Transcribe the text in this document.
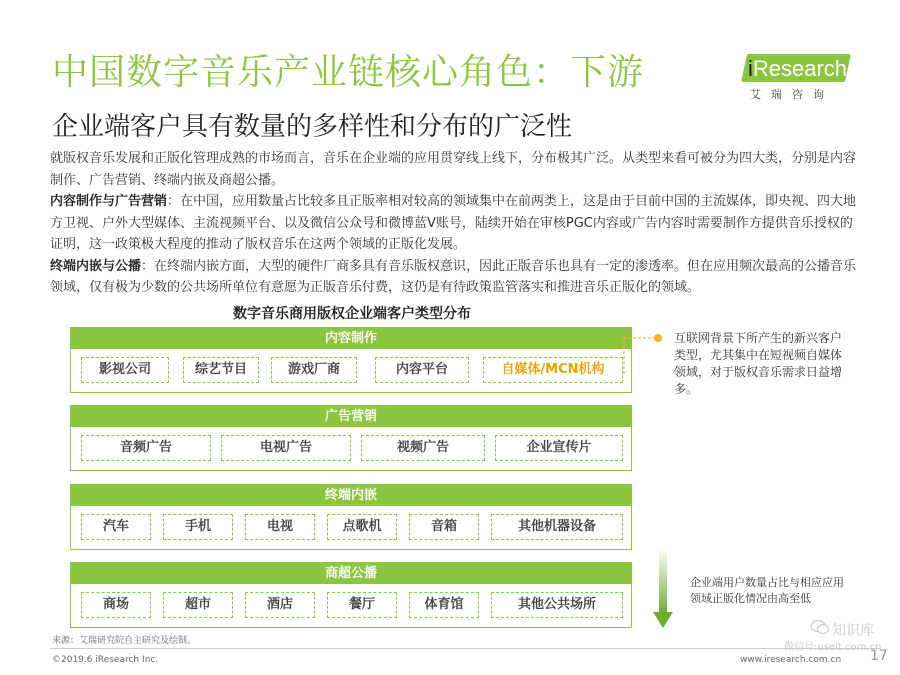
中国数字音乐产业链核心角色：下游
企业端客户具有数量的多样性和分布的广泛性
iResearch
艾瑞咨询

就版权音乐发展和正版化管理成熟的市场而言，音乐在企业端的应用贯穿线上线下，分布极其广泛。从类型来看可被分为四大类，分别是内容制作、广告营销、终端内嵌及商超公播。

内容制作与广告营销：在中国，应用数量占比较多且正版率相对较高的领域集中在前两类上，这是由于目前中国的主流媒体，即央视、四大地方卫视、户外大型媒体、主流视频平台、以及微信公众号和微博蓝V账号，陆续开始在审核PGC内容或广告内容时需要制作方提供音乐授权的证明，这一政策极大程度的推动了版权音乐在这两个领域的正版化发展。

终端内嵌与公播：在终端内嵌方面，大型的硬件厂商多具有音乐版权意识，因此正版音乐也具有一定的渗透率。但在应用频次最高的公播音乐领域，仅有极为少数的公共场所单位有意愿为正版音乐付费，这仍是有待政策监管落实和推进音乐正版化的领域。

数字音乐商用版权企业端客户类型分布
内容制作
影视公司	综艺节目	游戏厂商	内容平台	自媒体/MCN机构
广告营销
音频广告	电视广告	视频广告	企业宣传片
终端内嵌
汽车	手机	电视	点歌机	音箱	其他机器设备
商超公播
商场	超市	酒店	餐厅	体育馆	其他公共场所
互联网背景下所产生的新兴客户类型，尤其集中在短视频自媒体领域，对于版权音乐需求日益增多。
企业端用户数量占比与相应应用领域正版化情况由高至低
来源：艾瑞研究院自主研究及绘制。
©2019.6 iResearch Inc.	www.iresearch.com.cn 17
知识库
微信号:useit.com.cn
